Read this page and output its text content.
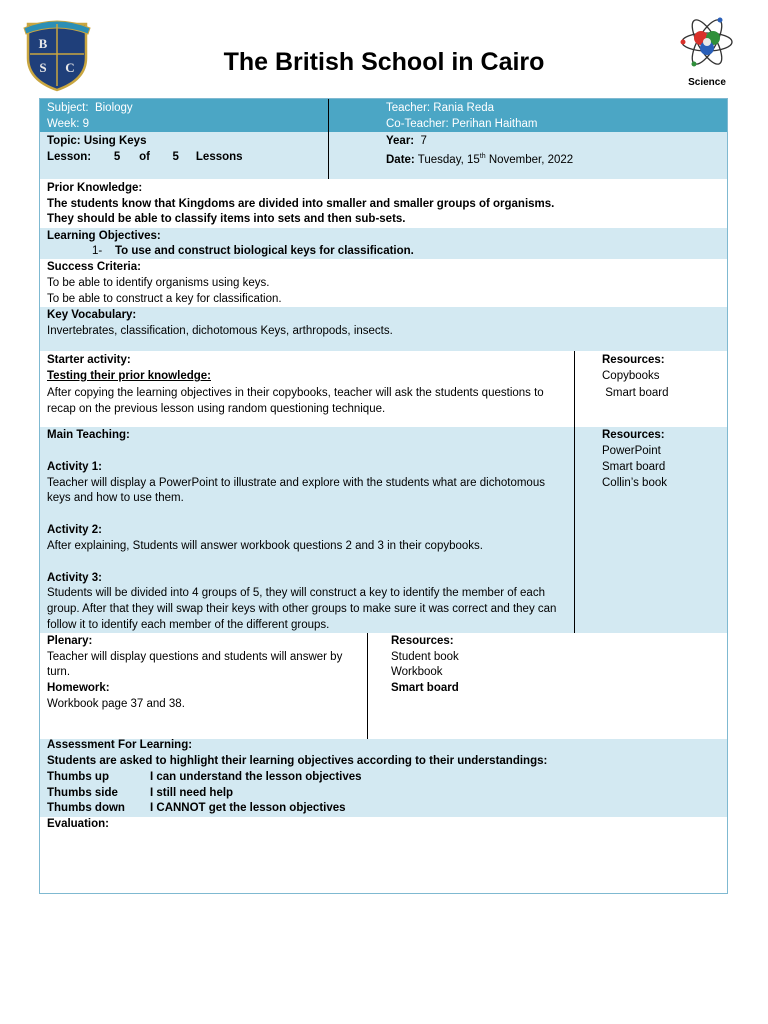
B
S C	The British School in Cairo
Science
Subject: Biology
Week: 9
Teacher: Rania Reda
Co-Teacher: Perihan Haitham
Topic: Using Keys
Lesson: 5 of 5 Lessons
Year: 7
Date: Tuesday, 15th November, 2022
Prior Knowledge:
The students know that Kingdoms are divided into smaller and smaller groups of organisms.
They should be able to classify items into sets and then sub-sets.
Learning Objectives:
1- To use and construct biological keys for classification.
Success Criteria:
To be able to identify organisms using keys.
To be able to construct a key for classification.
Key Vocabulary:
Invertebrates, classification, dichotomous Keys, arthropods, insects.
Starter activity:
Testing their prior knowledge:
After copying the learning objectives in their copybooks, teacher will ask the students questions to
recap on the previous lesson using random questioning technique.
Resources:
Copybooks
Smart board
Main Teaching:
Activity 1:
Teacher will display a PowerPoint to illustrate and explore with the students what are dichotomous
keys and how to use them.
Activity 2:
After explaining, Students will answer workbook questions 2 and 3 in their copybooks.
Activity 3:
Students will be divided into 4 groups of 5, they will construct a key to identify the member of each
group. After that they will swap their keys with other groups to make sure it was correct and they can
follow it to identify each member of the different groups.
Resources:
PowerPoint
Smart board
Collin’s book
Plenary:
Teacher will display questions and students will answer by
turn.
Homework:
Workbook page 37 and 38.
Resources:
Student book
Workbook
Smart board
Assessment For Learning:
Students are asked to highlight their learning objectives according to their understandings:
Thumbs up	I can understand the lesson objectives
Thumbs side	I still need help
Thumbs down I CANNOT get the lesson objectives
Evaluation:
